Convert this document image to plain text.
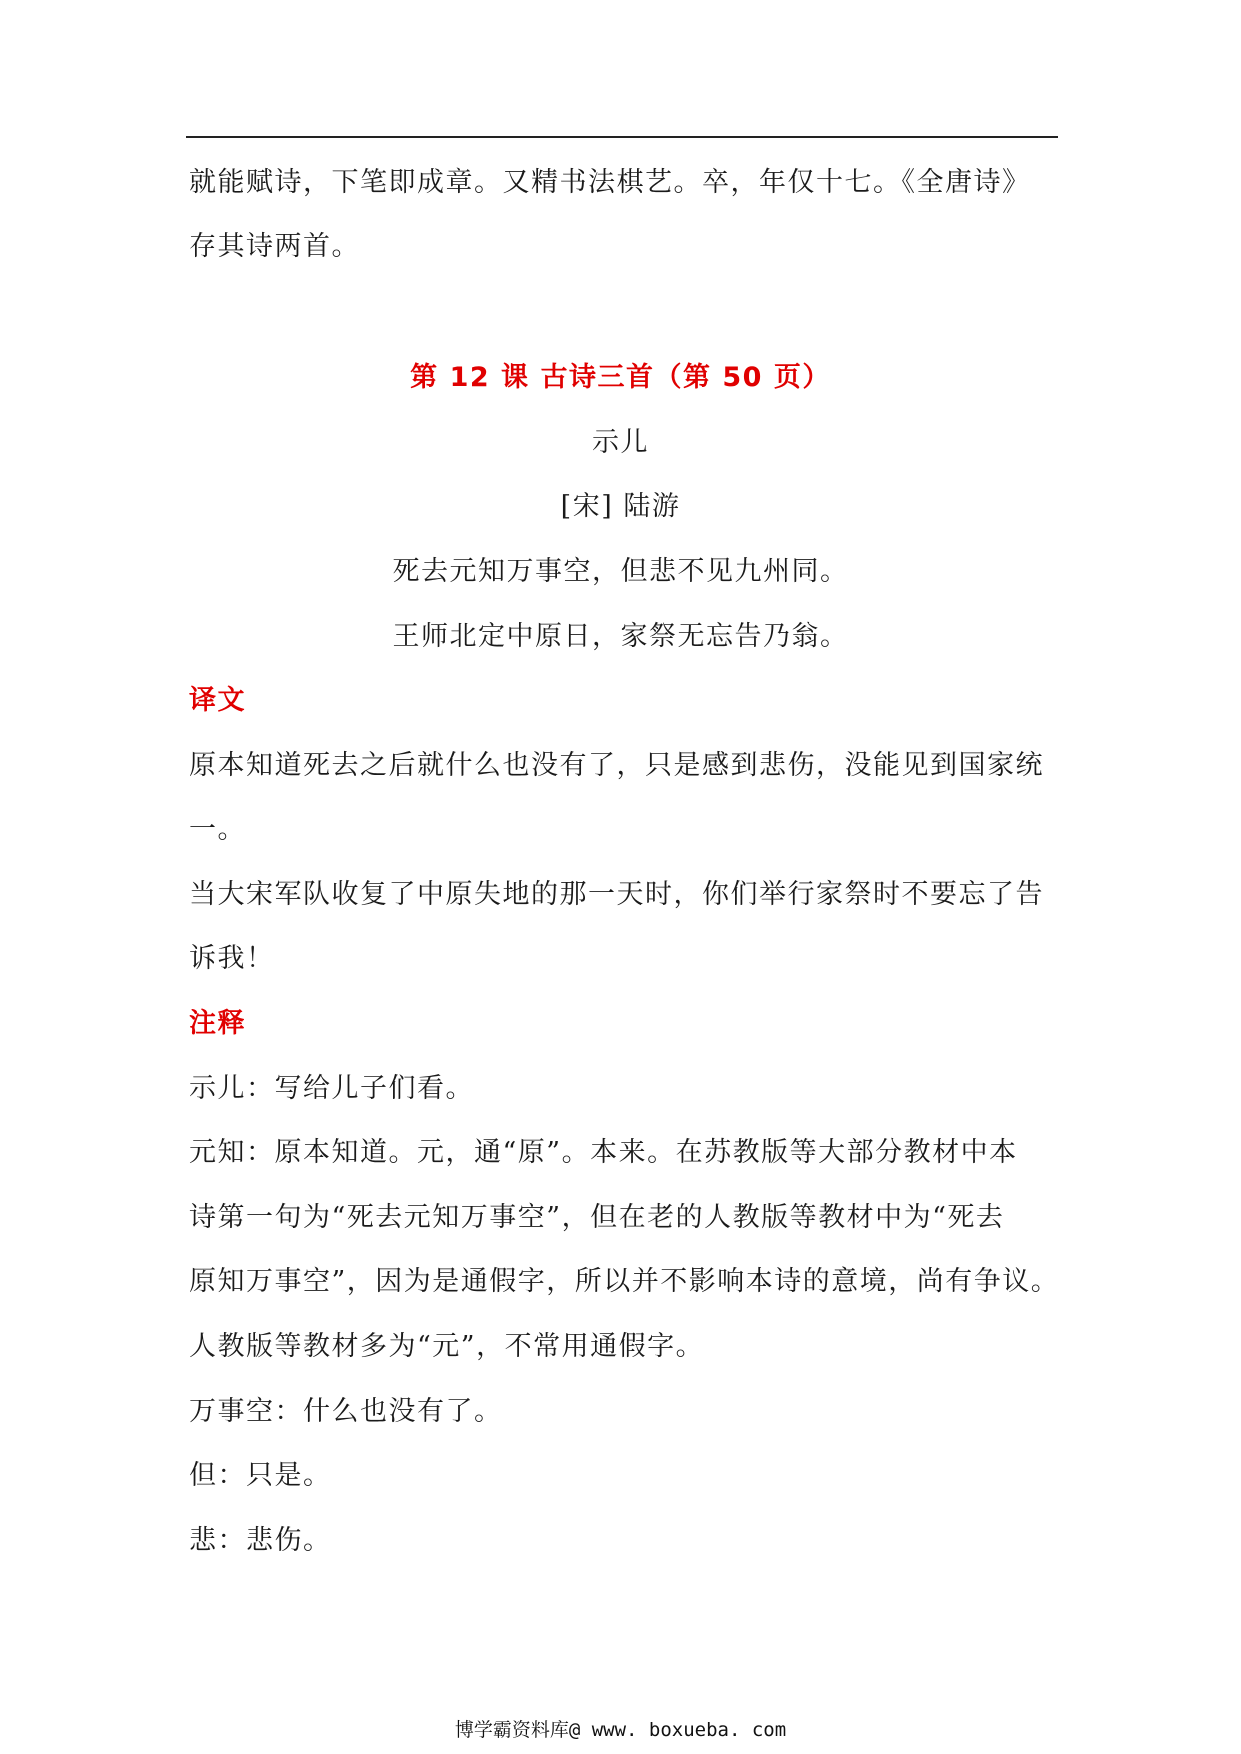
就能赋诗，下笔即成章。又精书法棋艺。卒，年仅十七。《全唐诗》
存其诗两首。
第 12 课 古诗三首（第 50 页）
示儿
[宋] 陆游
死去元知万事空，但悲不见九州同。
王师北定中原日，家祭无忘告乃翁。
译文
原本知道死去之后就什么也没有了，只是感到悲伤，没能见到国家统
一。
当大宋军队收复了中原失地的那一天时，你们举行家祭时不要忘了告
诉我！
注释
示儿：写给儿子们看。
元知：原本知道。元，通“原”。本来。在苏教版等大部分教材中本
诗第一句为“死去元知万事空”，但在老的人教版等教材中为“死去
原知万事空”，因为是通假字，所以并不影响本诗的意境，尚有争议。
人教版等教材多为“元”，不常用通假字。
万事空：什么也没有了。
但：只是。
悲：悲伤。
博学霸资料库@ www. boxueba. com
